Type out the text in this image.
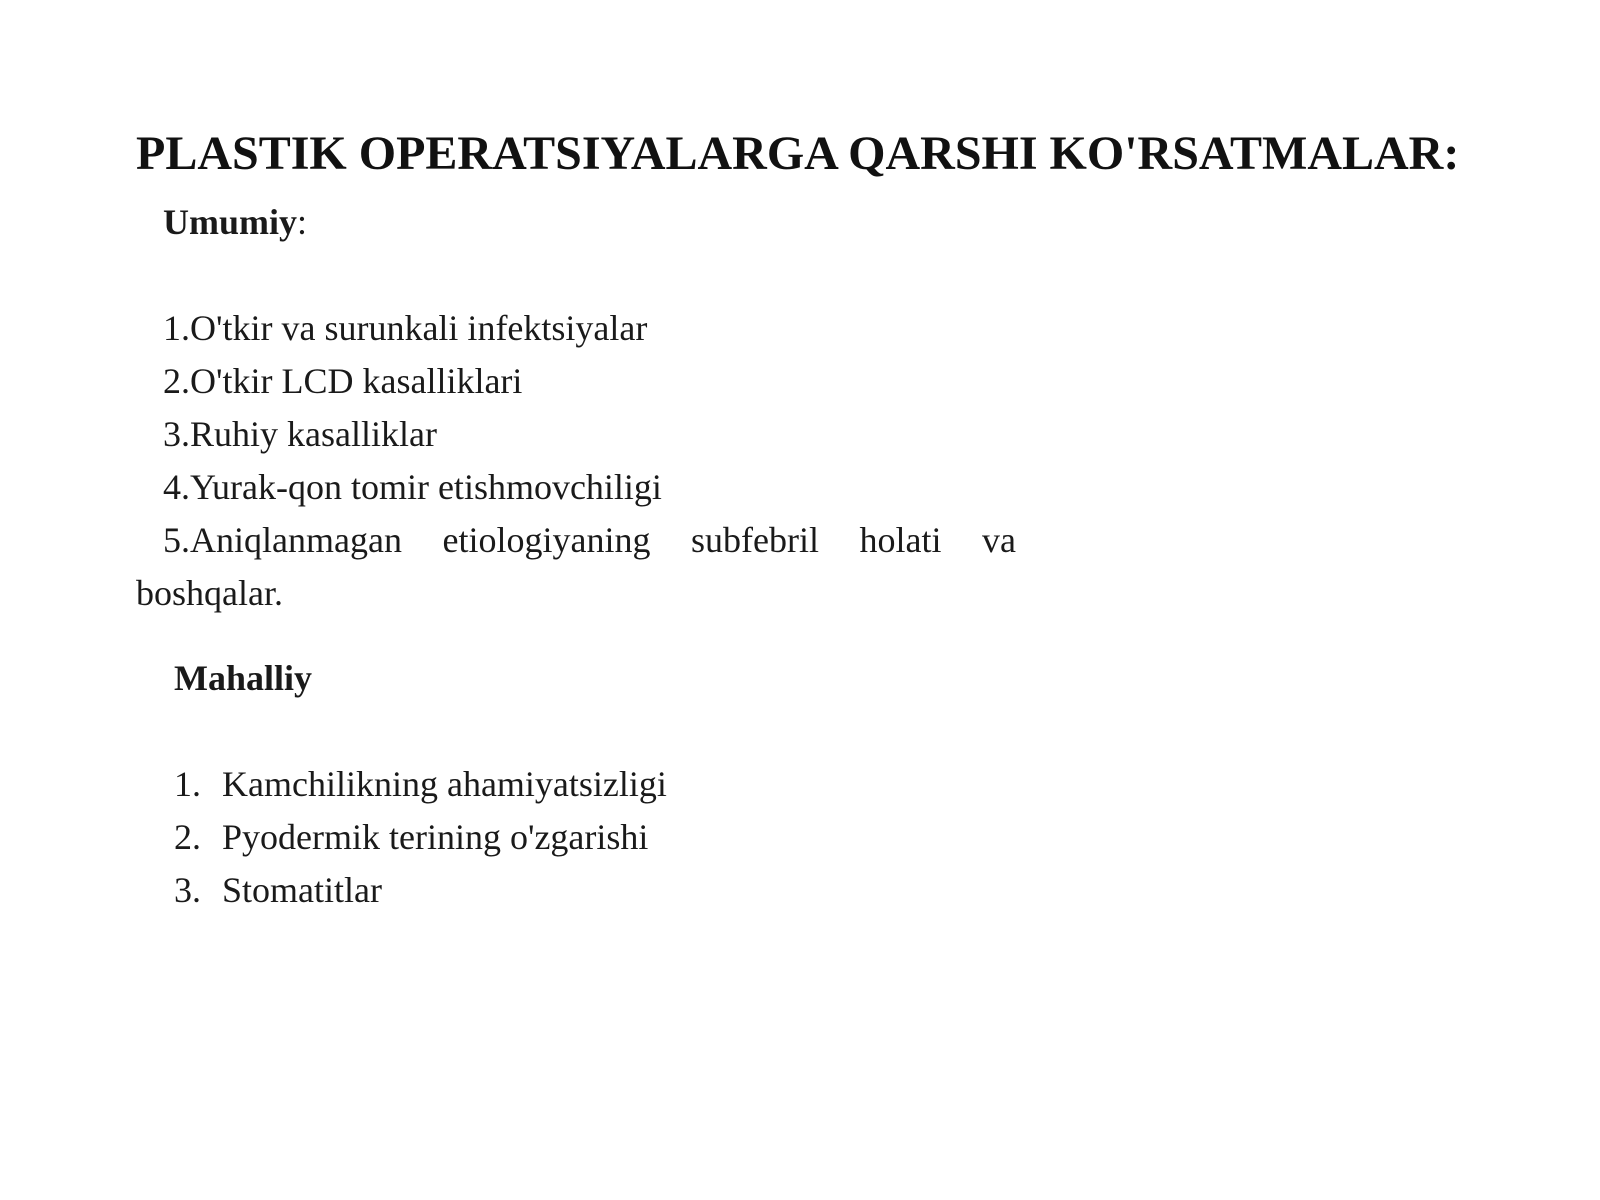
PLASTIK OPERATSIYALARGA QARSHI KO'RSATMALAR:

Umumiy:

1.O'tkir va surunkali infektsiyalar
2.O'tkir LCD kasalliklari
3.Ruhiy kasalliklar
4.Yurak-qon tomir etishmovchiligi
5.Aniqlanmagan etiologiyaning subfebril holati va boshqalar.

Mahalliy

1. Kamchilikning ahamiyatsizligi
2. Pyodermik terining o'zgarishi
3. Stomatitlar
